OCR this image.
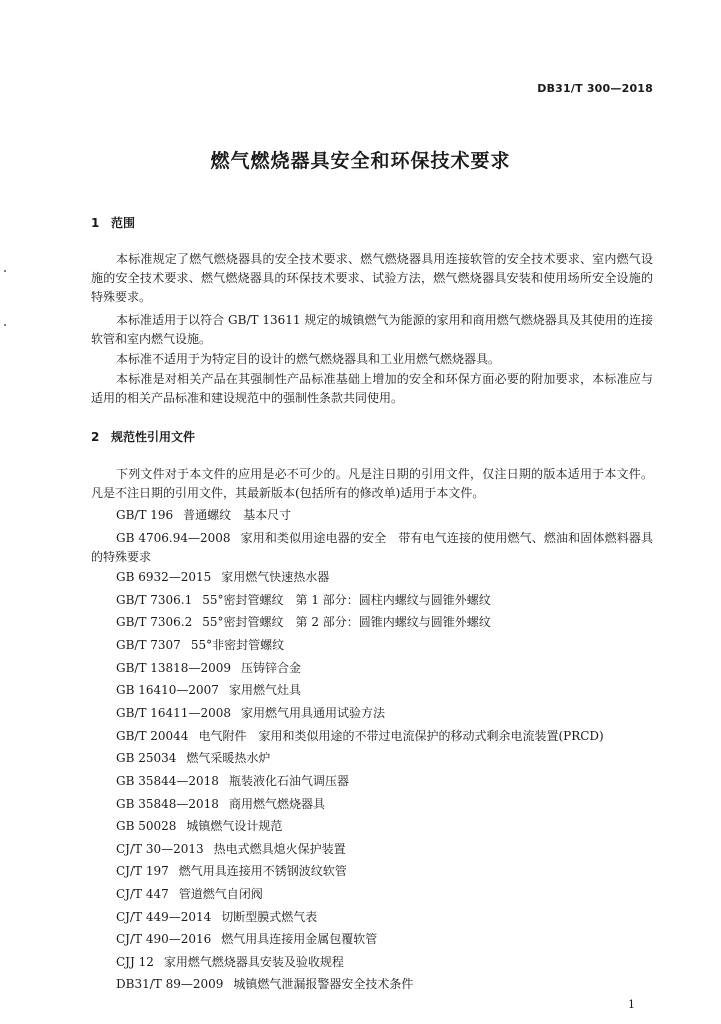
DB31/T 300—2018
燃气燃烧器具安全和环保技术要求
1 范围
本标准规定了燃气燃烧器具的安全技术要求、燃气燃烧器具用连接软管的安全技术要求、室内燃气设施的安全技术要求、燃气燃烧器具的环保技术要求、试验方法，燃气燃烧器具安装和使用场所安全设施的特殊要求。
本标准适用于以符合 GB/T 13611 规定的城镇燃气为能源的家用和商用燃气燃烧器具及其使用的连接软管和室内燃气设施。
本标准不适用于为特定目的设计的燃气燃烧器具和工业用燃气燃烧器具。
本标准是对相关产品在其强制性产品标准基础上增加的安全和环保方面必要的附加要求，本标准应与适用的相关产品标准和建设规范中的强制性条款共同使用。
2 规范性引用文件
下列文件对于本文件的应用是必不可少的。凡是注日期的引用文件，仅注日期的版本适用于本文件。凡是不注日期的引用文件，其最新版本(包括所有的修改单)适用于本文件。
GB/T 196 普通螺纹　基本尺寸
GB 4706.94—2008 家用和类似用途电器的安全　带有电气连接的使用燃气、燃油和固体燃料器具的特殊要求
GB 6932—2015 家用燃气快速热水器
GB/T 7306.1 55°密封管螺纹　第 1 部分：圆柱内螺纹与圆锥外螺纹
GB/T 7306.2 55°密封管螺纹　第 2 部分：圆锥内螺纹与圆锥外螺纹
GB/T 7307 55°非密封管螺纹
GB/T 13818—2009 压铸锌合金
GB 16410—2007 家用燃气灶具
GB/T 16411—2008 家用燃气用具通用试验方法
GB/T 20044 电气附件　家用和类似用途的不带过电流保护的移动式剩余电流装置(PRCD)
GB 25034 燃气采暖热水炉
GB 35844—2018 瓶装液化石油气调压器
GB 35848—2018 商用燃气燃烧器具
GB 50028 城镇燃气设计规范
CJ/T 30—2013 热电式燃具熄火保护装置
CJ/T 197 燃气用具连接用不锈钢波纹软管
CJ/T 447 管道燃气自闭阀
CJ/T 449—2014 切断型膜式燃气表
CJ/T 490—2016 燃气用具连接用金属包覆软管
CJJ 12 家用燃气燃烧器具安装及验收规程
DB31/T 89—2009 城镇燃气泄漏报警器安全技术条件
1
